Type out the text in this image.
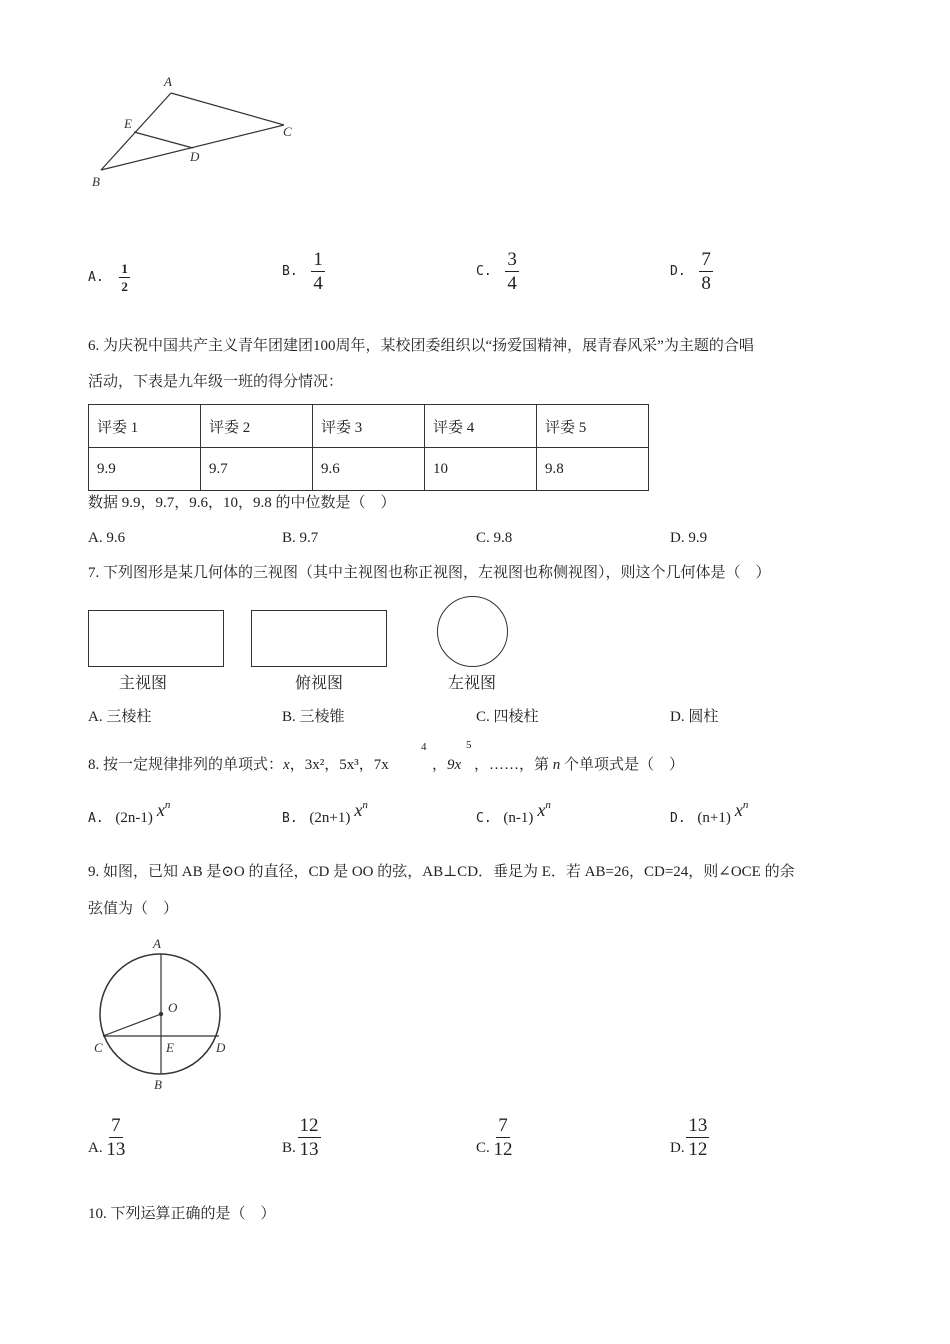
A
E
C
D
B
A. $\frac{1}{2}$	B. $\frac{1}{4}$	C. $\frac{3}{4}$	D. $\frac{7}{8}$
6. 为庆祝中国共产主义青年团建团100周年，某校团委组织以“扬爱国精神，展青春风采”为主题的合唱
活动，下表是九年级一班的得分情况：
评委 1	评委 2	评委 3	评委 4	评委 5
9.9	9.7	9.6	10	9.8
数据 9.9，9.7，9.6，10，9.8 的中位数是（　）
A. 9.6	B. 9.7	C. 9.8	D. 9.9
7. 下列图形是某几何体的三视图（其中主视图也称正视图，左视图也称侧视图），则这个几何体是（　）
主视图	俯视图	左视图
A. 三棱柱	B. 三棱锥	C. 四棱柱	D. 圆柱
8. 按一定规律排列的单项式：x，3x²，5x³，7x
4
，9x
5
，……，第 n 个单项式是（　）
A. (2n-1) $x^n$
B. (2n+1) $x^n$
C. (n-1) $x^n$
D. (n+1) $x^n$
9. 如图，已知 AB 是⊙O 的直径，CD 是 OO 的弦，AB⊥CD．垂足为 E．若 AB=26，CD=24，则∠OCE 的余
弦值为（　）
A
O
C	E	D
B
A. $\frac{7}{13}$	B. $\frac{12}{13}$	C. $\frac{7}{12}$	D. $\frac{13}{12}$
10. 下列运算正确的是（　）
